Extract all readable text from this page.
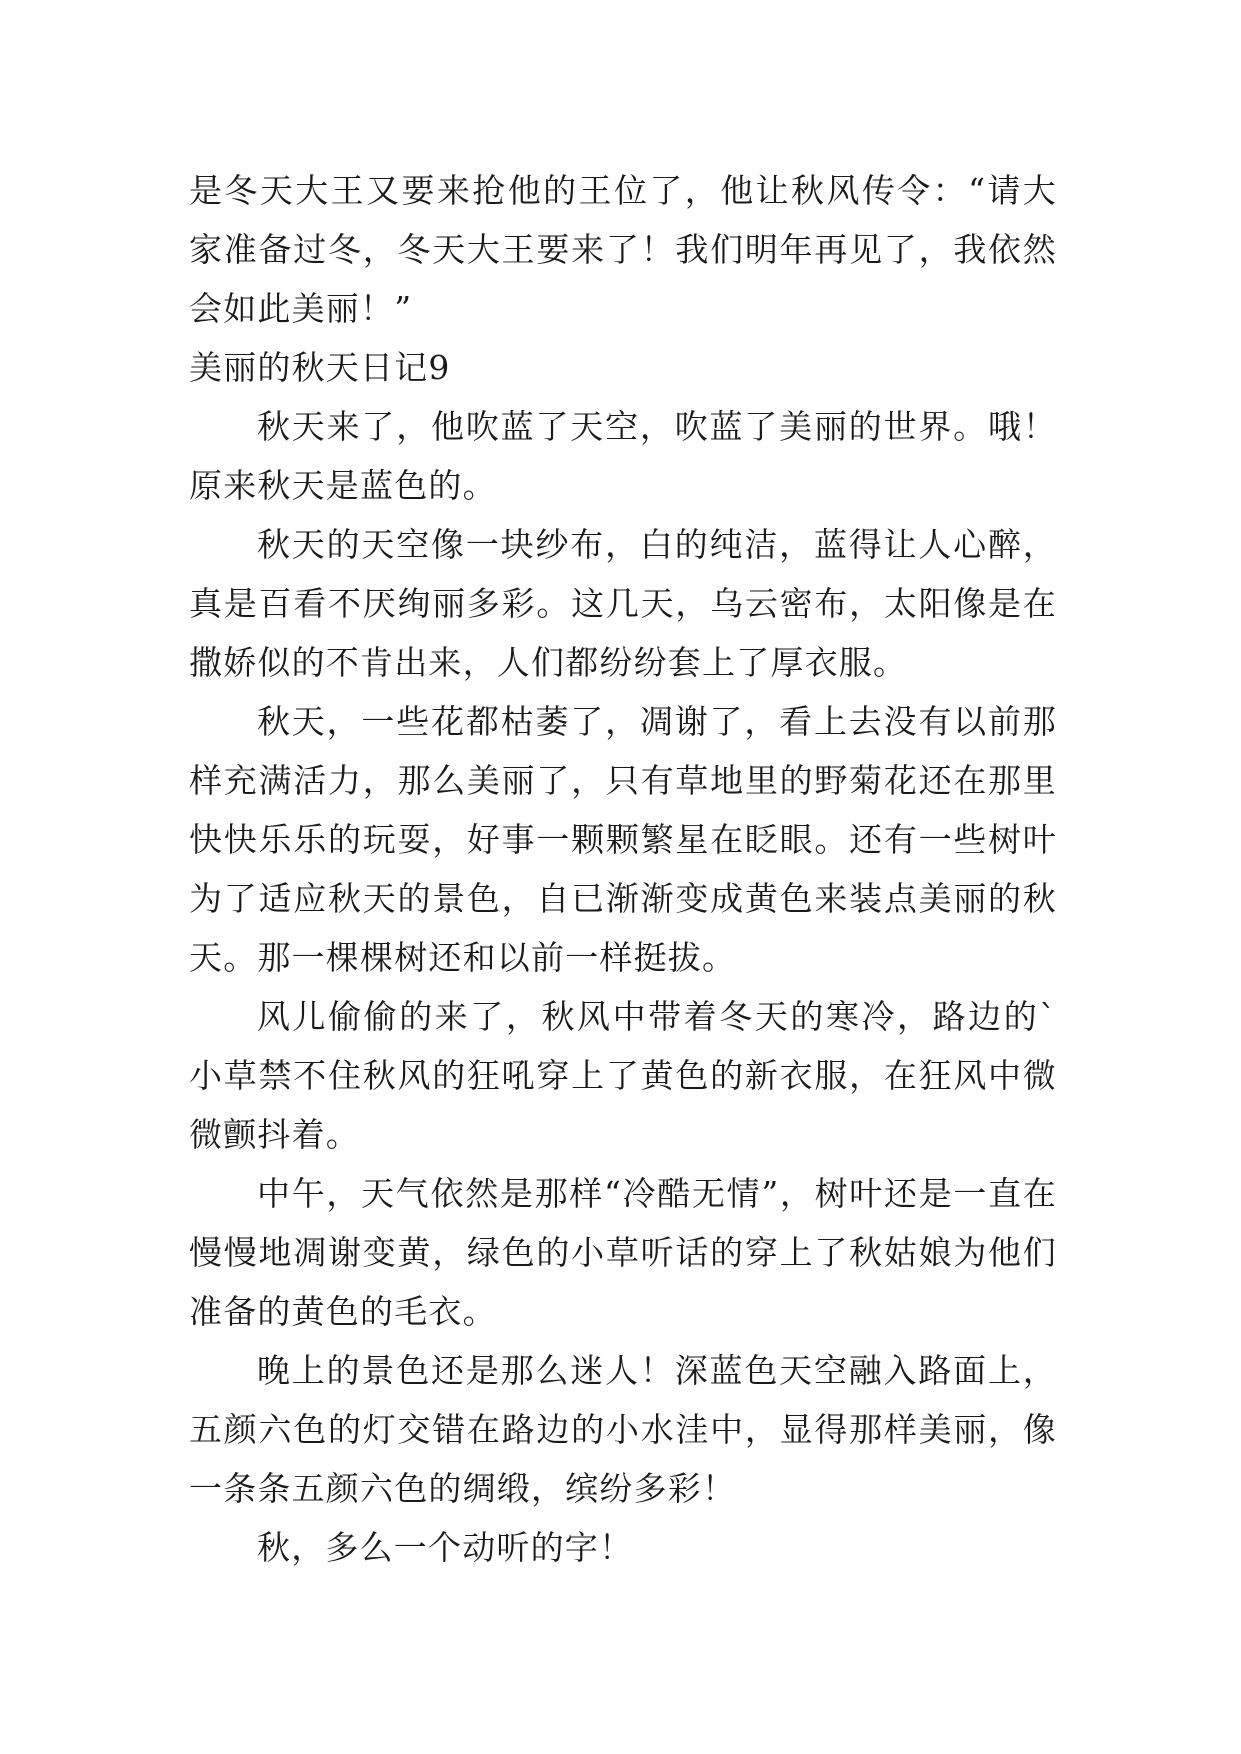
是冬天大王又要来抢他的王位了，他让秋风传令：“请大家准备过冬，冬天大王要来了！我们明年再见了，我依然会如此美丽！”

美丽的秋天日记9

秋天来了，他吹蓝了天空，吹蓝了美丽的世界。哦！原来秋天是蓝色的。

秋天的天空像一块纱布，白的纯洁，蓝得让人心醉，真是百看不厌绚丽多彩。这几天，乌云密布，太阳像是在撒娇似的不肯出来，人们都纷纷套上了厚衣服。

秋天，一些花都枯萎了，凋谢了，看上去没有以前那样充满活力，那么美丽了，只有草地里的野菊花还在那里快快乐乐的玩耍，好事一颗颗繁星在眨眼。还有一些树叶为了适应秋天的景色，自已渐渐变成黄色来装点美丽的秋天。那一棵棵树还和以前一样挺拔。

风儿偷偷的来了，秋风中带着冬天的寒冷，路边的`小草禁不住秋风的狂吼穿上了黄色的新衣服，在狂风中微微颤抖着。

中午，天气依然是那样“冷酷无情”，树叶还是一直在慢慢地凋谢变黄，绿色的小草听话的穿上了秋姑娘为他们准备的黄色的毛衣。

晚上的景色还是那么迷人！深蓝色天空融入路面上，五颜六色的灯交错在路边的小水洼中，显得那样美丽，像一条条五颜六色的绸缎，缤纷多彩！

秋，多么一个动听的字！
